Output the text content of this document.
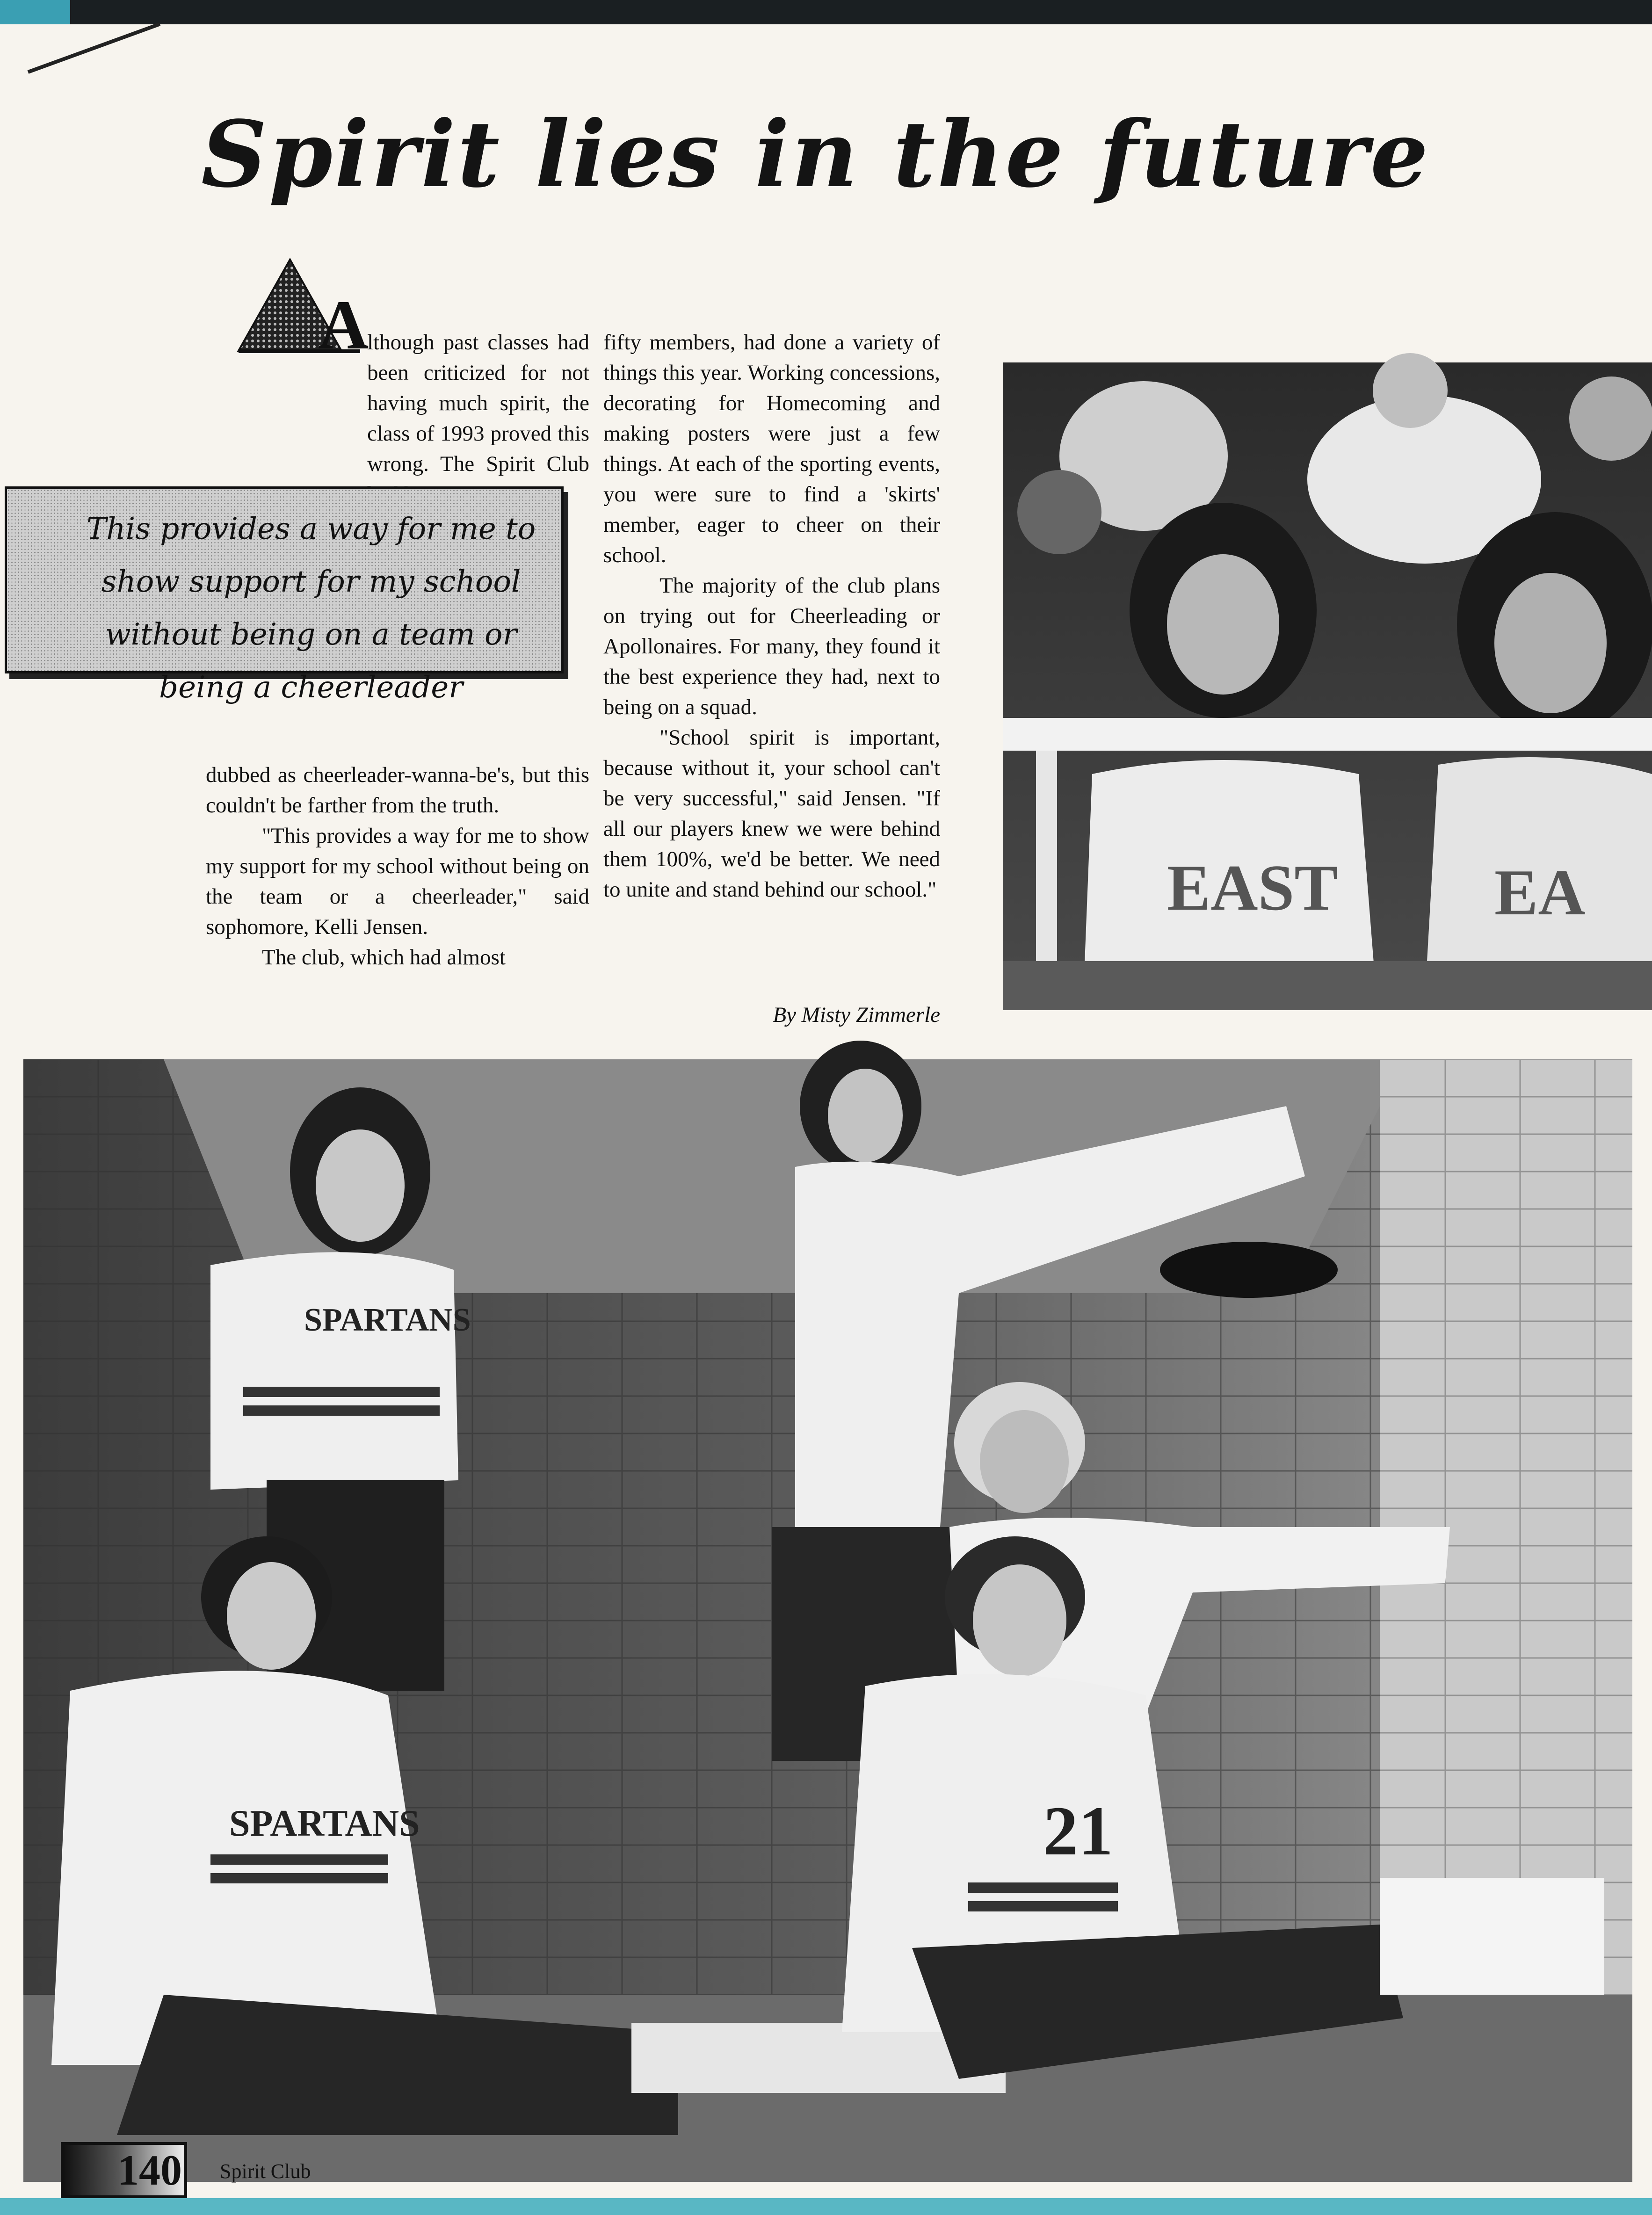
Spirit lies in the future
A

lthough past classes had been criticized for not having much spirit, the class of 1993 proved this wrong. The Spirit Club

This provides a way for me to show support for my school without being on a team or being a cheerleader

dubbed as cheerleader-wanna-be's, but this couldn't be farther from the truth.

"This provides a way for me to show my support for my school without being on the team or a cheerleader," said sophomore, Kelli Jensen.

The club, which had almost

fifty members, had done a variety of things this year. Working concessions, decorating for Homecoming and making posters were just a few things. At each of the sporting events, you were sure to find a 'skirts' member, eager to cheer on their school.

The majority of the club plans on trying out for Cheerleading or Apollonaires. For many, they found it the best experience they had, next to being on a squad.

"School spirit is important, because without it, your school can't be very successful," said Jensen. "If all our players knew we were behind them 100%, we'd be better. We need to unite and stand behind our school."

By Misty Zimmerle
EAST EA
SPARTANS
SPARTANS	21
140	Spirit Club
